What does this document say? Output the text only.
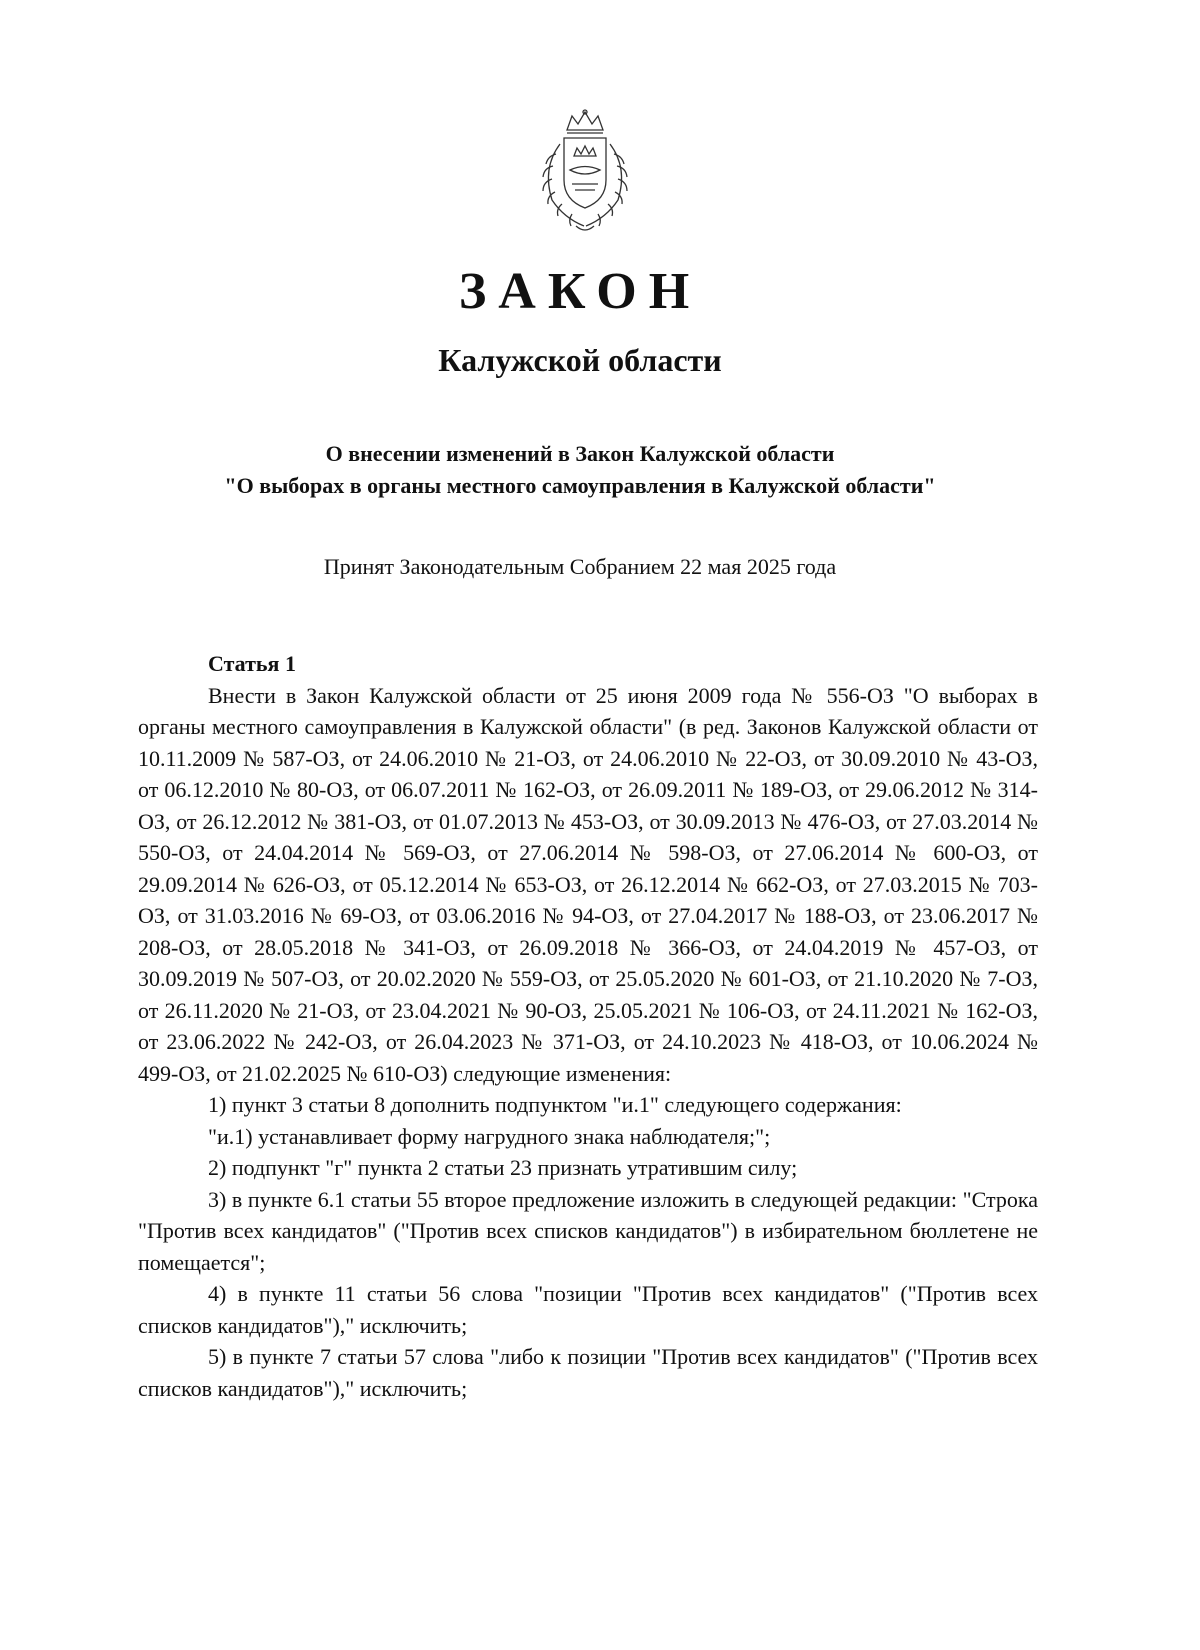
ЗАКОН
Калужской области
О внесении изменений в Закон Калужской области
"О выборах в органы местного самоуправления в Калужской области"
Принят Законодательным Собранием 22 мая 2025 года

Статья 1

Внести в Закон Калужской области от 25 июня 2009 года № 556-ОЗ "О выборах в органы местного самоуправления в Калужской области" (в ред. Законов Калужской области от 10.11.2009 № 587-ОЗ, от 24.06.2010 № 21-ОЗ, от 24.06.2010 № 22-ОЗ, от 30.09.2010 № 43-ОЗ, от 06.12.2010 № 80-ОЗ, от 06.07.2011 № 162-ОЗ, от 26.09.2011 № 189-ОЗ, от 29.06.2012 № 314-ОЗ, от 26.12.2012 № 381-ОЗ, от 01.07.2013 № 453-ОЗ, от 30.09.2013 № 476-ОЗ, от 27.03.2014 № 550-ОЗ, от 24.04.2014 № 569-ОЗ, от 27.06.2014 № 598-ОЗ, от 27.06.2014 № 600-ОЗ, от 29.09.2014 № 626-ОЗ, от 05.12.2014 № 653-ОЗ, от 26.12.2014 № 662-ОЗ, от 27.03.2015 № 703-ОЗ, от 31.03.2016 № 69-ОЗ, от 03.06.2016 № 94-ОЗ, от 27.04.2017 № 188-ОЗ, от 23.06.2017 № 208-ОЗ, от 28.05.2018 № 341-ОЗ, от 26.09.2018 № 366-ОЗ, от 24.04.2019 № 457-ОЗ, от 30.09.2019 № 507-ОЗ, от 20.02.2020 № 559-ОЗ, от 25.05.2020 № 601-ОЗ, от 21.10.2020 № 7-ОЗ, от 26.11.2020 № 21-ОЗ, от 23.04.2021 № 90-ОЗ, 25.05.2021 № 106-ОЗ, от 24.11.2021 № 162-ОЗ, от 23.06.2022 № 242-ОЗ, от 26.04.2023 № 371-ОЗ, от 24.10.2023 № 418-ОЗ, от 10.06.2024 № 499-ОЗ, от 21.02.2025 № 610-ОЗ) следующие изменения:

1) пункт 3 статьи 8 дополнить подпунктом "и.1" следующего содержания:

"и.1) устанавливает форму нагрудного знака наблюдателя;";

2) подпункт "г" пункта 2 статьи 23 признать утратившим силу;

3) в пункте 6.1 статьи 55 второе предложение изложить в следующей редакции: "Строка "Против всех кандидатов" ("Против всех списков кандидатов") в избирательном бюллетене не помещается";

4) в пункте 11 статьи 56 слова "позиции "Против всех кандидатов" ("Против всех списков кандидатов")," исключить;

5) в пункте 7 статьи 57 слова "либо к позиции "Против всех кандидатов" ("Против всех списков кандидатов")," исключить;
